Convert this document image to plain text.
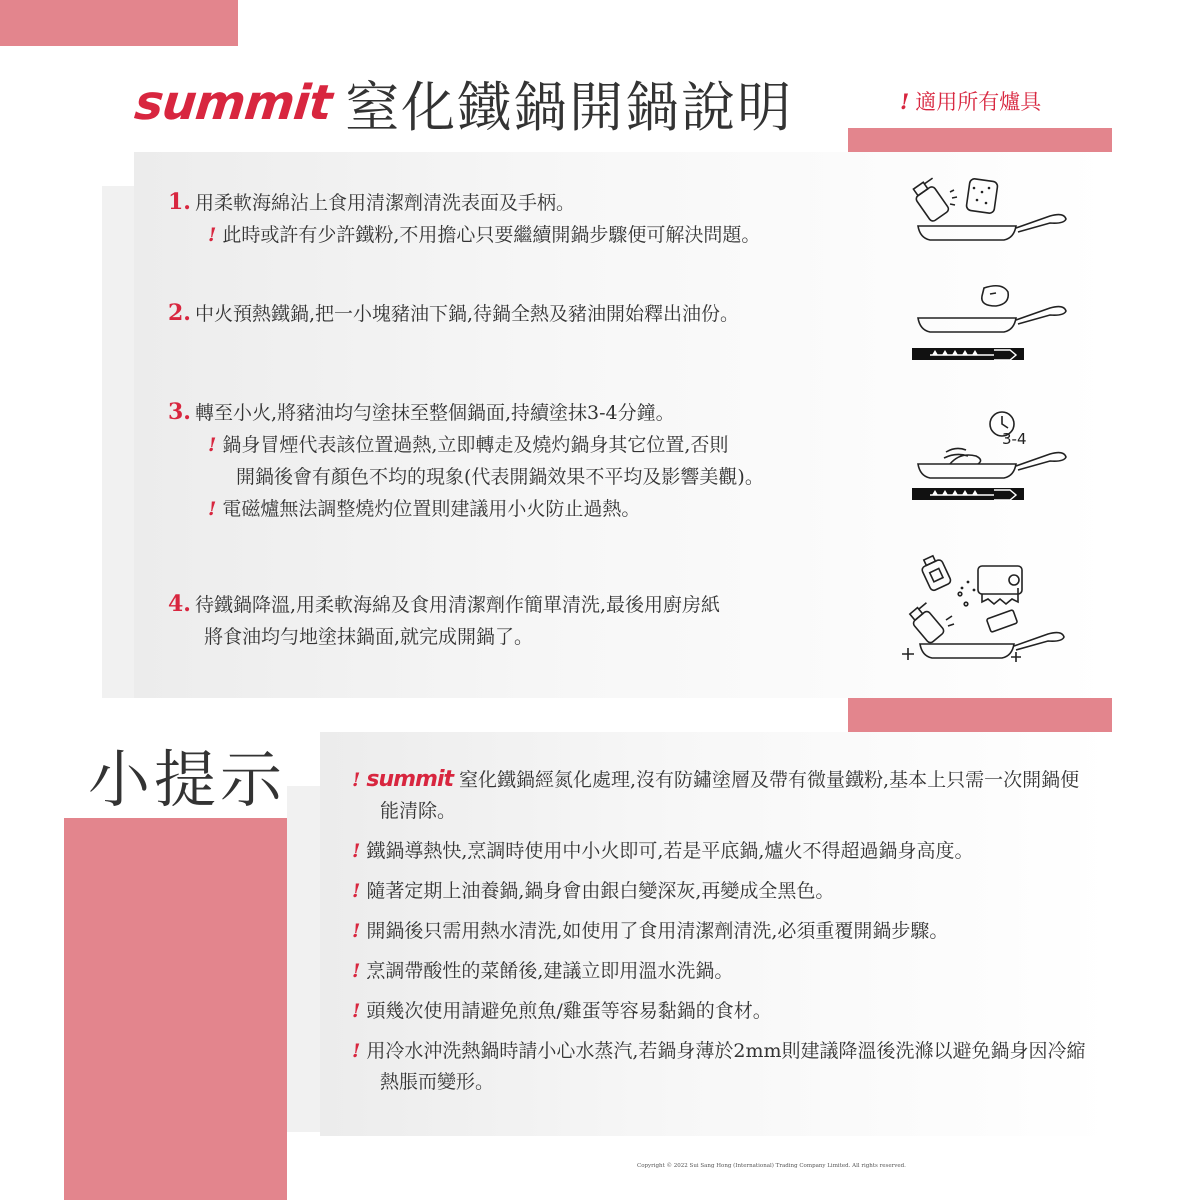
summit 窒化鐵鍋開鍋說明	! 適用所有爐具
1. 用柔軟海綿沾上食用清潔劑清洗表面及手柄。
! 此時或許有少許鐵粉,不用擔心只要繼續開鍋步驟便可解決問題。
2. 中火預熱鐵鍋,把一小塊豬油下鍋,待鍋全熱及豬油開始釋出油份。
3. 轉至小火,將豬油均勻塗抹至整個鍋面,持續塗抹3-4分鐘。
! 鍋身冒煙代表該位置過熱,立即轉走及燒灼鍋身其它位置,否則
開鍋後會有顏色不均的現象(代表開鍋效果不平均及影響美觀)。
! 電磁爐無法調整燒灼位置則建議用小火防止過熱。
4. 待鐵鍋降溫,用柔軟海綿及食用清潔劑作簡單清洗,最後用廚房紙
將食油均勻地塗抹鍋面,就完成開鍋了。
3-4
小提示	! summit 窒化鐵鍋經氮化處理,沒有防鏽塗層及帶有微量鐵粉,基本上只需一次開鍋便能清除。
! 鐵鍋導熱快,烹調時使用中小火即可,若是平底鍋,爐火不得超過鍋身高度。
! 隨著定期上油養鍋,鍋身會由銀白變深灰,再變成全黑色。
! 開鍋後只需用熱水清洗,如使用了食用清潔劑清洗,必須重覆開鍋步驟。
! 烹調帶酸性的菜餚後,建議立即用溫水洗鍋。
! 頭幾次使用請避免煎魚/雞蛋等容易黏鍋的食材。
! 用冷水沖洗熱鍋時請小心水蒸汽,若鍋身薄於2mm則建議降溫後洗滌以避免鍋身因冷縮熱脹而變形。
Copyright © 2022 Sui Sang Hong (International) Trading Company Limited. All rights reserved.
